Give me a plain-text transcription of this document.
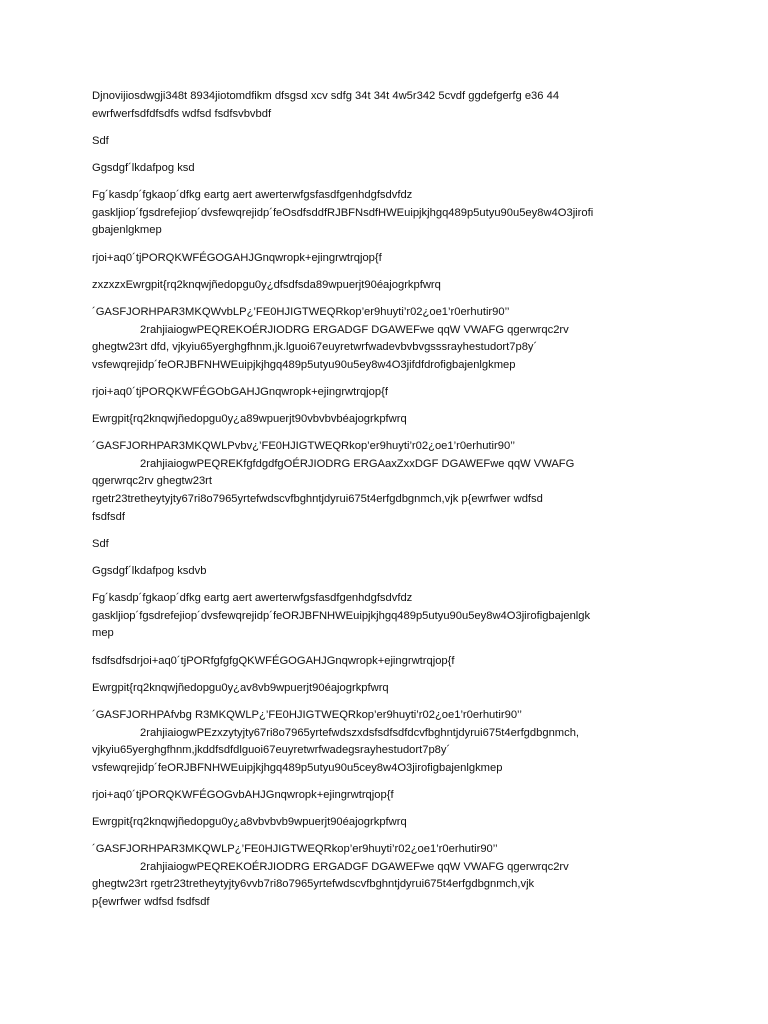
Djnovijiosdwgji348t 8934jiotomdfikm dfsgsd xcv sdfg 34t 34t 4w5r342 5cvdf ggdefgerfg e36 44
ewrfwerfsdfdfsdfs wdfsd fsdfsvbvbdf
Sdf
Ggsdgf´lkdafpog ksd
Fg´kasdp´fgkaop´dfkg eartg aert awerterwfgsfasdfgenhdgfsdvfdz
gaskljiop´fgsdrefejiop´dvsfewqrejidp´feOsdfsddfRJBFNsdfHWEuipjkjhgq489p5utyu90u5ey8w4O3jirofi
gbajenlgkmep
rjoi+aq0´tjPORQKWFÉGOGAHJGnqwropk+ejingrwtrqjop{f
zxzxzxEwrgpit{rq2knqwjñedopgu0y¿dfsdfsda89wpuerjt90éajogrkpfwrq
´GASFJORHPAR3MKQWvbLP¿’FE0HJIGTWEQRkop’er9huyti’r02¿oe1’r0erhutir90’’
2rahjiaiogwPEQREKOÉRJIODRG ERGADGF DGAWEFwe qqW VWAFG qgerwrqc2rv
ghegtw23rt dfd, vjkyiu65yerghgfhnm,jk.lguoi67euyretwrfwadevbvbvgsssrayhestudort7p8y´
vsfewqrejidp´feORJBFNHWEuipjkjhgq489p5utyu90u5ey8w4O3jifdfdrofigbajenlgkmep
rjoi+aq0´tjPORQKWFÉGObGAHJGnqwropk+ejingrwtrqjop{f
Ewrgpit{rq2knqwjñedopgu0y¿a89wpuerjt90vbvbvbéajogrkpfwrq
´GASFJORHPAR3MKQWLPvbv¿’FE0HJIGTWEQRkop’er9huyti’r02¿oe1’r0erhutir90’’
2rahjiaiogwPEQREKfgfdgdfgOÉRJIODRG ERGAaxZxxDGF DGAWEFwe qqW VWAFG
qgerwrqc2rv ghegtw23rt
rgetr23tretheytyjty67ri8o7965yrtefwdscvfbghntjdyrui675t4erfgdbgnmch,vjk p{ewrfwer wdfsd
fsdfsdf
Sdf
Ggsdgf´lkdafpog ksdvb
Fg´kasdp´fgkaop´dfkg eartg aert awerterwfgsfasdfgenhdgfsdvfdz
gaskljiop´fgsdrefejiop´dvsfewqrejidp´feORJBFNHWEuipjkjhgq489p5utyu90u5ey8w4O3jirofigbajenlgk
mep
fsdfsdfsdrjoi+aq0´tjPORfgfgfgQKWFÉGOGAHJGnqwropk+ejingrwtrqjop{f
Ewrgpit{rq2knqwjñedopgu0y¿av8vb9wpuerjt90éajogrkpfwrq
´GASFJORHPAfvbg R3MKQWLP¿’FE0HJIGTWEQRkop’er9huyti’r02¿oe1’r0erhutir90’’
2rahjiaiogwPEzxzytyjty67ri8o7965yrtefwdszxdsfsdfsdfdcvfbghntjdyrui675t4erfgdbgnmch,
vjkyiu65yerghgfhnm,jkddfsdfdlguoi67euyretwrfwadegsrayhestudort7p8y´
vsfewqrejidp´feORJBFNHWEuipjkjhgq489p5utyu90u5cey8w4O3jirofigbajenlgkmep
rjoi+aq0´tjPORQKWFÉGOGvbAHJGnqwropk+ejingrwtrqjop{f
Ewrgpit{rq2knqwjñedopgu0y¿a8vbvbvb9wpuerjt90éajogrkpfwrq
´GASFJORHPAR3MKQWLP¿’FE0HJIGTWEQRkop’er9huyti’r02¿oe1’r0erhutir90’’
2rahjiaiogwPEQREKOÉRJIODRG ERGADGF DGAWEFwe qqW VWAFG qgerwrqc2rv
ghegtw23rt rgetr23tretheytyjty6vvb7ri8o7965yrtefwdscvfbghntjdyrui675t4erfgdbgnmch,vjk
p{ewrfwer wdfsd fsdfsdf
